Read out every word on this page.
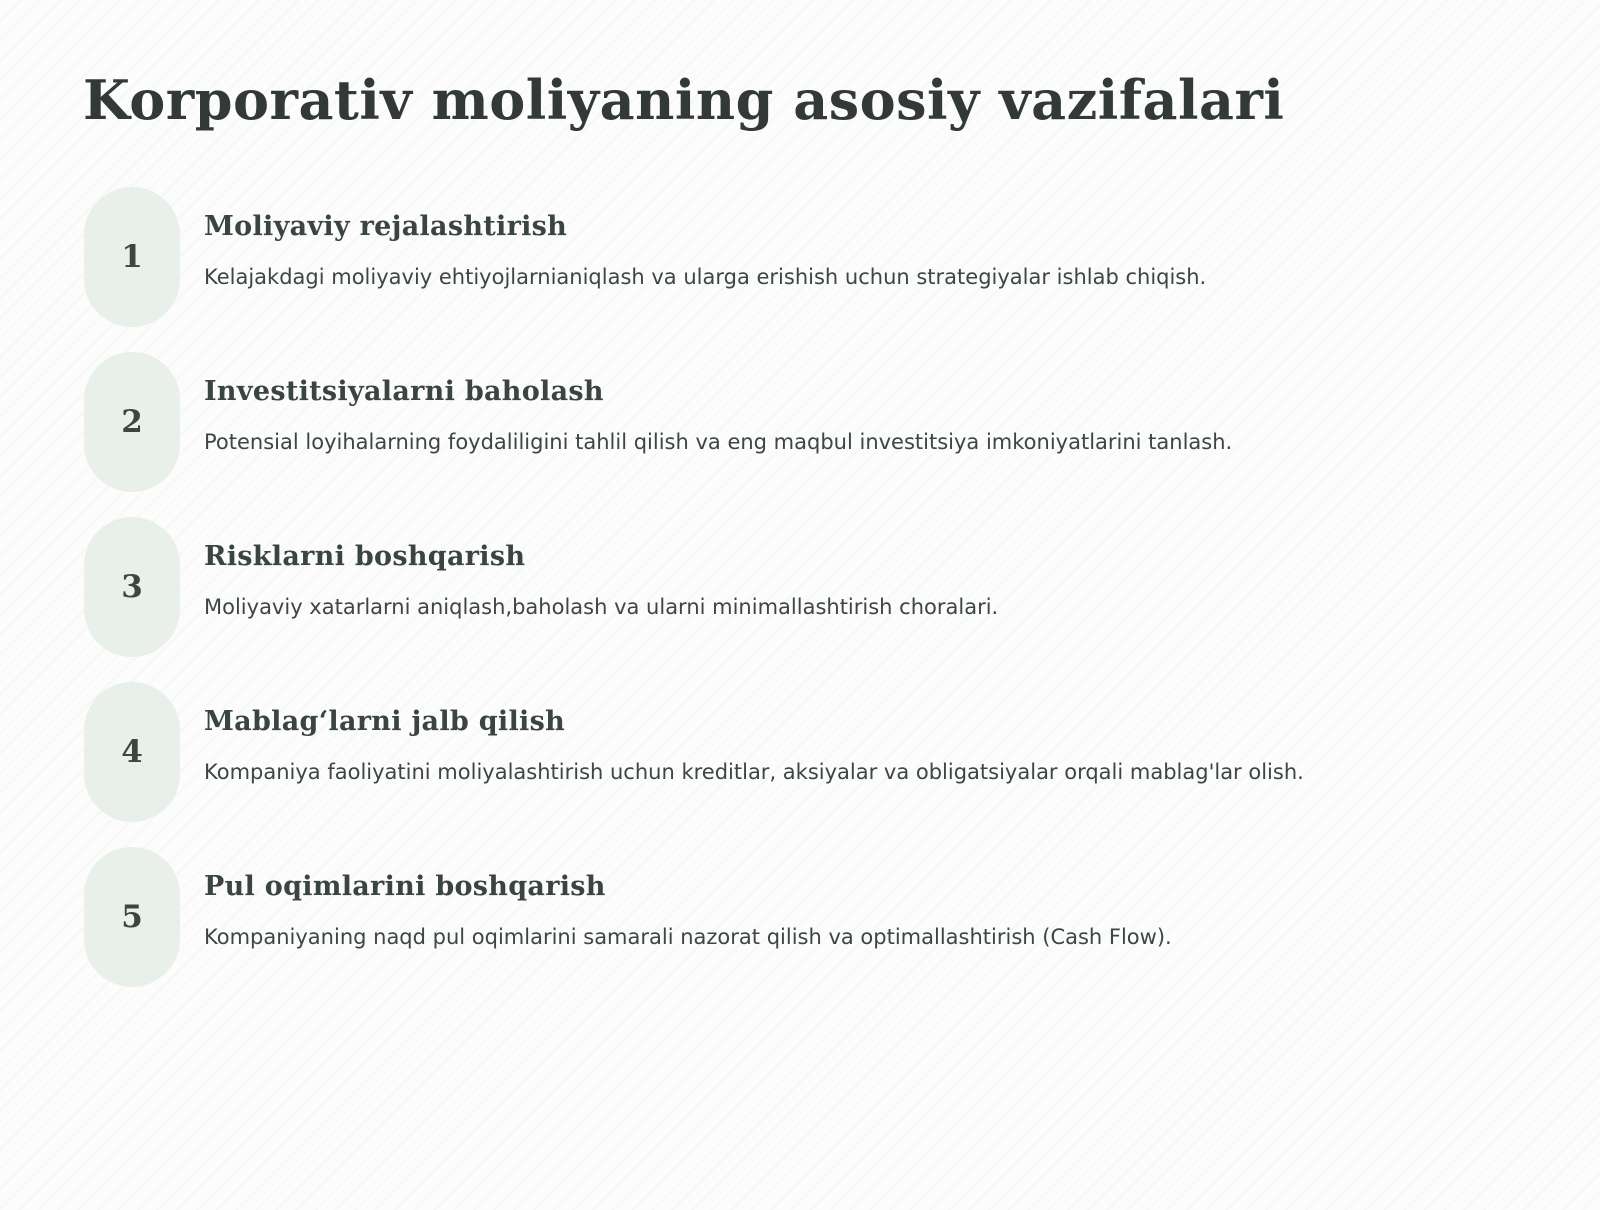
Korporativ moliyaning asosiy vazifalari
1
Moliyaviy rejalashtirish
Kelajakdagi moliyaviy ehtiyojlarnianiqlash va ularga erishish uchun strategiyalar ishlab chiqish.
2
Investitsiyalarni baholash
Potensial loyihalarning foydaliligini tahlil qilish va eng maqbul investitsiya imkoniyatlarini tanlash.
3
Risklarni boshqarish
Moliyaviy xatarlarni aniqlash,baholash va ularni minimallashtirish choralari.
4
Mablag‘larni jalb qilish
Kompaniya faoliyatini moliyalashtirish uchun kreditlar, aksiyalar va obligatsiyalar orqali mablag'lar olish.
5
Pul oqimlarini boshqarish
Kompaniyaning naqd pul oqimlarini samarali nazorat qilish va optimallashtirish (Cash Flow).
